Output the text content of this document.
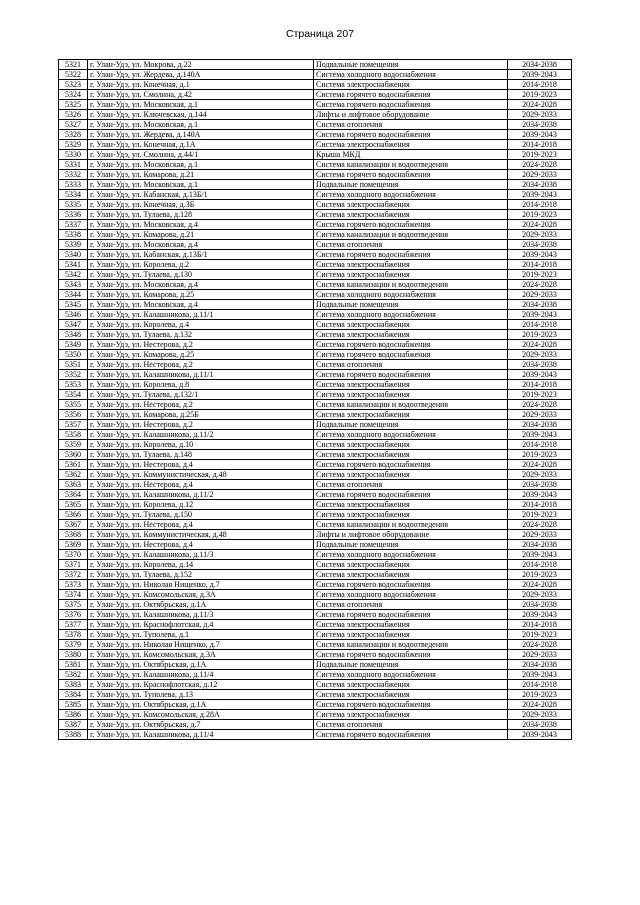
Страница 207
5321	г. Улан-Удэ, ул. Мокрова, д.22	Подвальные помещения	2034-2038
5322	г. Улан-Удэ, ул. Жердева, д.140А	Система холодного водоснабжения	2039-2043
5323	г. Улан-Удэ, ул. Конечная, д.1	Система электроснабжения	2014-2018
5324	г. Улан-Удэ, ул. Смолина, д.42	Система горячего водоснабжения	2019-2023
5325	г. Улан-Удэ, ул. Московская, д.1	Система горячего водоснабжения	2024-2028
5326	г. Улан-Удэ, ул. Ключевская, д.144	Лифты и лифтовое оборудование	2029-2033
5327	г. Улан-Удэ, ул. Московская, д.1	Система отопления	2034-2038
5328	г. Улан-Удэ, ул. Жердева, д.140А	Система горячего водоснабжения	2039-2043
5329	г. Улан-Удэ, ул. Конечная, д.1А	Система электроснабжения	2014-2018
5330	г. Улан-Удэ, ул. Смолина, д.44/1	Крыша МКД	2019-2023
5331	г. Улан-Удэ, ул. Московская, д.1	Система канализации и водоотведения	2024-2028
5332	г. Улан-Удэ, ул. Комарова, д.21	Система горячего водоснабжения	2029-2033
5333	г. Улан-Удэ, ул. Московская, д.1	Подвальные помещения	2034-2038
5334	г. Улан-Удэ, ул. Кабанская, д.13Б/1	Система холодного водоснабжения	2039-2043
5335	г. Улан-Удэ, ул. Конечная, д.3Б	Система электроснабжения	2014-2018
5336	г. Улан-Удэ, ул. Тулаева, д.128	Система электроснабжения	2019-2023
5337	г. Улан-Удэ, ул. Московская, д.4	Система горячего водоснабжения	2024-2028
5338	г. Улан-Удэ, ул. Комарова, д.21	Система канализации и водоотведения	2029-2033
5339	г. Улан-Удэ, ул. Московская, д.4	Система отопления	2034-2038
5340	г. Улан-Удэ, ул. Кабанская, д.13Б/1	Система горячего водоснабжения	2039-2043
5341	г. Улан-Удэ, ул. Королева, д.2	Система электроснабжения	2014-2018
5342	г. Улан-Удэ, ул. Тулаева, д.130	Система электроснабжения	2019-2023
5343	г. Улан-Удэ, ул. Московская, д.4	Система канализации и водоотведения	2024-2028
5344	г. Улан-Удэ, ул. Комарова, д.25	Система холодного водоснабжения	2029-2033
5345	г. Улан-Удэ, ул. Московская, д.4	Подвальные помещения	2034-2038
5346	г. Улан-Удэ, ул. Калашникова, д.11/1	Система холодного водоснабжения	2039-2043
5347	г. Улан-Удэ, ул. Королева, д.4	Система электроснабжения	2014-2018
5348	г. Улан-Удэ, ул. Тулаева, д.132	Система электроснабжения	2019-2023
5349	г. Улан-Удэ, ул. Нестерова, д.2	Система горячего водоснабжения	2024-2028
5350	г. Улан-Удэ, ул. Комарова, д.25	Система горячего водоснабжения	2029-2033
5351	г. Улан-Удэ, ул. Нестерова, д.2	Система отопления	2034-2038
5352	г. Улан-Удэ, ул. Калашникова, д.11/1	Система горячего водоснабжения	2039-2043
5353	г. Улан-Удэ, ул. Королева, д.8	Система электроснабжения	2014-2018
5354	г. Улан-Удэ, ул. Тулаева, д.132/1	Система электроснабжения	2019-2023
5355	г. Улан-Удэ, ул. Нестерова, д.2	Система канализации и водоотведения	2024-2028
5356	г. Улан-Удэ, ул. Комарова, д.25Б	Система электроснабжения	2029-2033
5357	г. Улан-Удэ, ул. Нестерова, д.2	Подвальные помещения	2034-2038
5358	г. Улан-Удэ, ул. Калашникова, д.11/2	Система холодного водоснабжения	2039-2043
5359	г. Улан-Удэ, ул. Королева, д.10	Система электроснабжения	2014-2018
5360	г. Улан-Удэ, ул. Тулаева, д.148	Система электроснабжения	2019-2023
5361	г. Улан-Удэ, ул. Нестерова, д.4	Система горячего водоснабжения	2024-2028
5362	г. Улан-Удэ, ул. Коммунистическая, д.48	Система электроснабжения	2029-2033
5363	г. Улан-Удэ, ул. Нестерова, д.4	Система отопления	2034-2038
5364	г. Улан-Удэ, ул. Калашникова, д.11/2	Система горячего водоснабжения	2039-2043
5365	г. Улан-Удэ, ул. Королева, д.12	Система электроснабжения	2014-2018
5366	г. Улан-Удэ, ул. Тулаева, д.150	Система электроснабжения	2019-2023
5367	г. Улан-Удэ, ул. Нестерова, д.4	Система канализации и водоотведения	2024-2028
5368	г. Улан-Удэ, ул. Коммунистическая, д.48	Лифты и лифтовое оборудование	2029-2033
5369	г. Улан-Удэ, ул. Нестерова, д.4	Подвальные помещения	2034-2038
5370	г. Улан-Удэ, ул. Калашникова, д.11/3	Система холодного водоснабжения	2039-2043
5371	г. Улан-Удэ, ул. Королева, д.14	Система электроснабжения	2014-2018
5372	г. Улан-Удэ, ул. Тулаева, д.152	Система электроснабжения	2019-2023
5373	г. Улан-Удэ, ул. Николая Нищенко, д.7	Система горячего водоснабжения	2024-2028
5374	г. Улан-Удэ, ул. Комсомольская, д.3А	Система холодного водоснабжения	2029-2033
5375	г. Улан-Удэ, ул. Октябрьская, д.1А	Система отопления	2034-2038
5376	г. Улан-Удэ, ул. Калашникова, д.11/3	Система горячего водоснабжения	2039-2043
5377	г. Улан-Удэ, ул. Краснофлотская, д.4	Система электроснабжения	2014-2018
5378	г. Улан-Удэ, ул. Туполева, д.1	Система электроснабжения	2019-2023
5379	г. Улан-Удэ, ул. Николая Нищенко, д.7	Система канализации и водоотведения	2024-2028
5380	г. Улан-Удэ, ул. Комсомольская, д.3А	Система горячего водоснабжения	2029-2033
5381	г. Улан-Удэ, ул. Октябрьская, д.1А	Подвальные помещения	2034-2038
5382	г. Улан-Удэ, ул. Калашникова, д.11/4	Система холодного водоснабжения	2039-2043
5383	г. Улан-Удэ, ул. Краснофлотская, д.12	Система электроснабжения	2014-2018
5384	г. Улан-Удэ, ул. Туполева, д.13	Система электроснабжения	2019-2023
5385	г. Улан-Удэ, ул. Октябрьская, д.1А	Система горячего водоснабжения	2024-2028
5386	г. Улан-Удэ, ул. Комсомольская, д.28А	Система электроснабжения	2029-2033
5387	г. Улан-Удэ, ул. Октябрьская, д.7	Система отопления	2034-2038
5388	г. Улан-Удэ, ул. Калашникова, д.11/4	Система горячего водоснабжения	2039-2043
